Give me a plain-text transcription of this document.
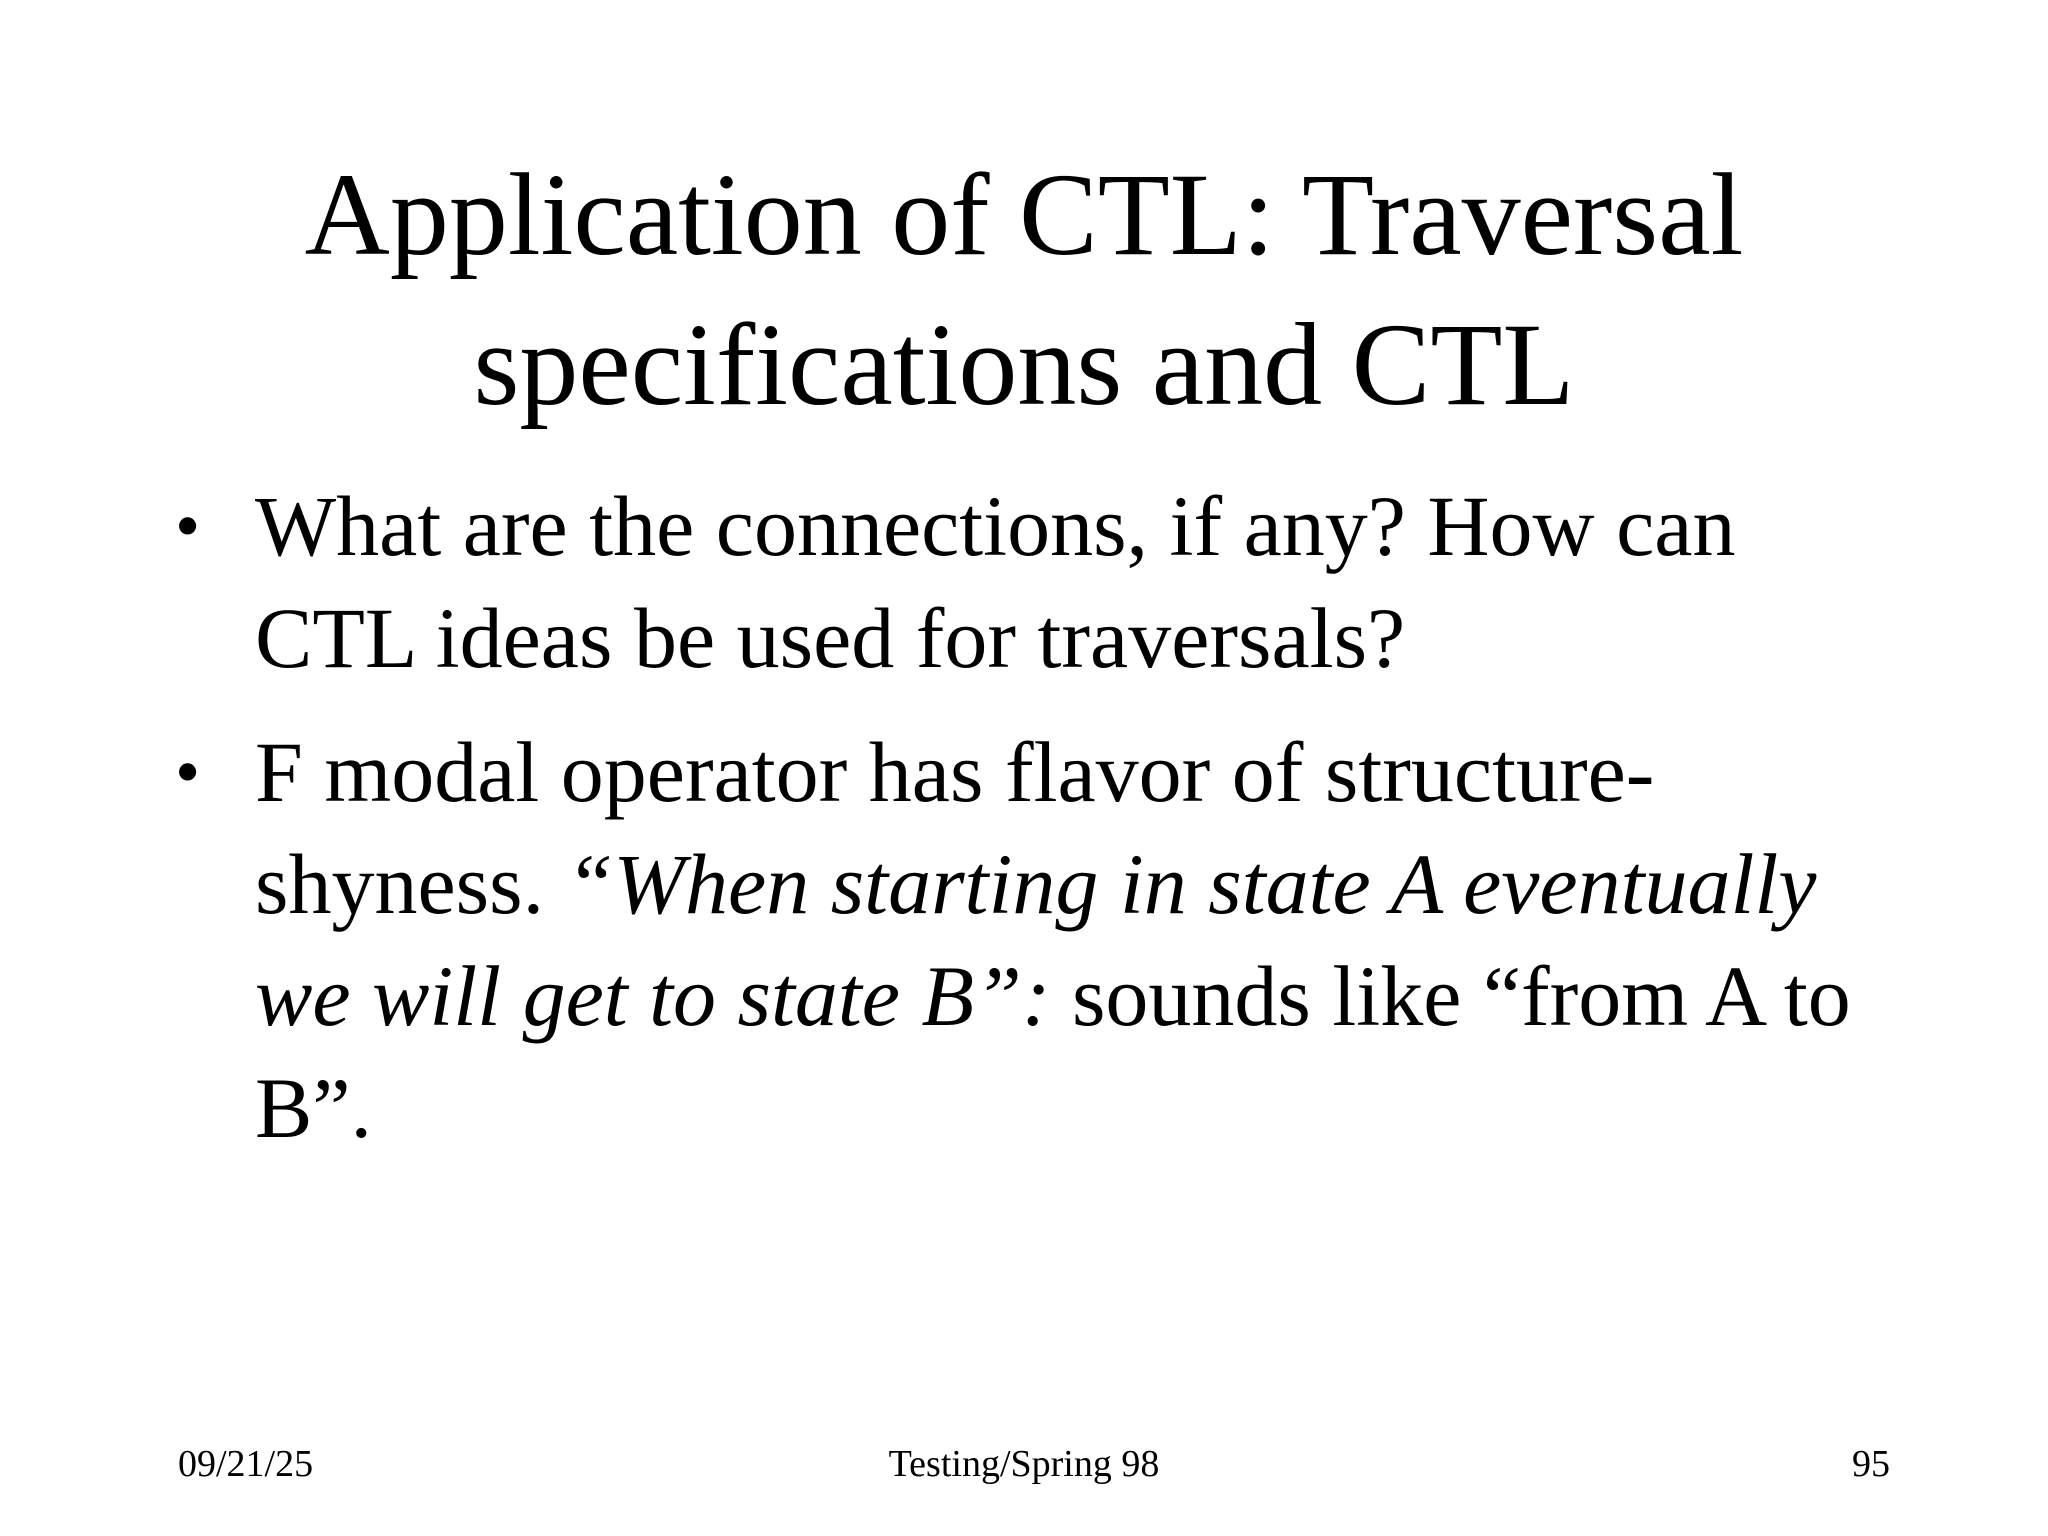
Application of CTL: Traversal
specifications and CTL
• What are the connections, if any? How can CTL ideas be used for traversals?
• F modal operator has flavor of structure-shyness. “When starting in state A eventually we will get to state B”: sounds like “from A to B”.
09/21/25	Testing/Spring 98	95
